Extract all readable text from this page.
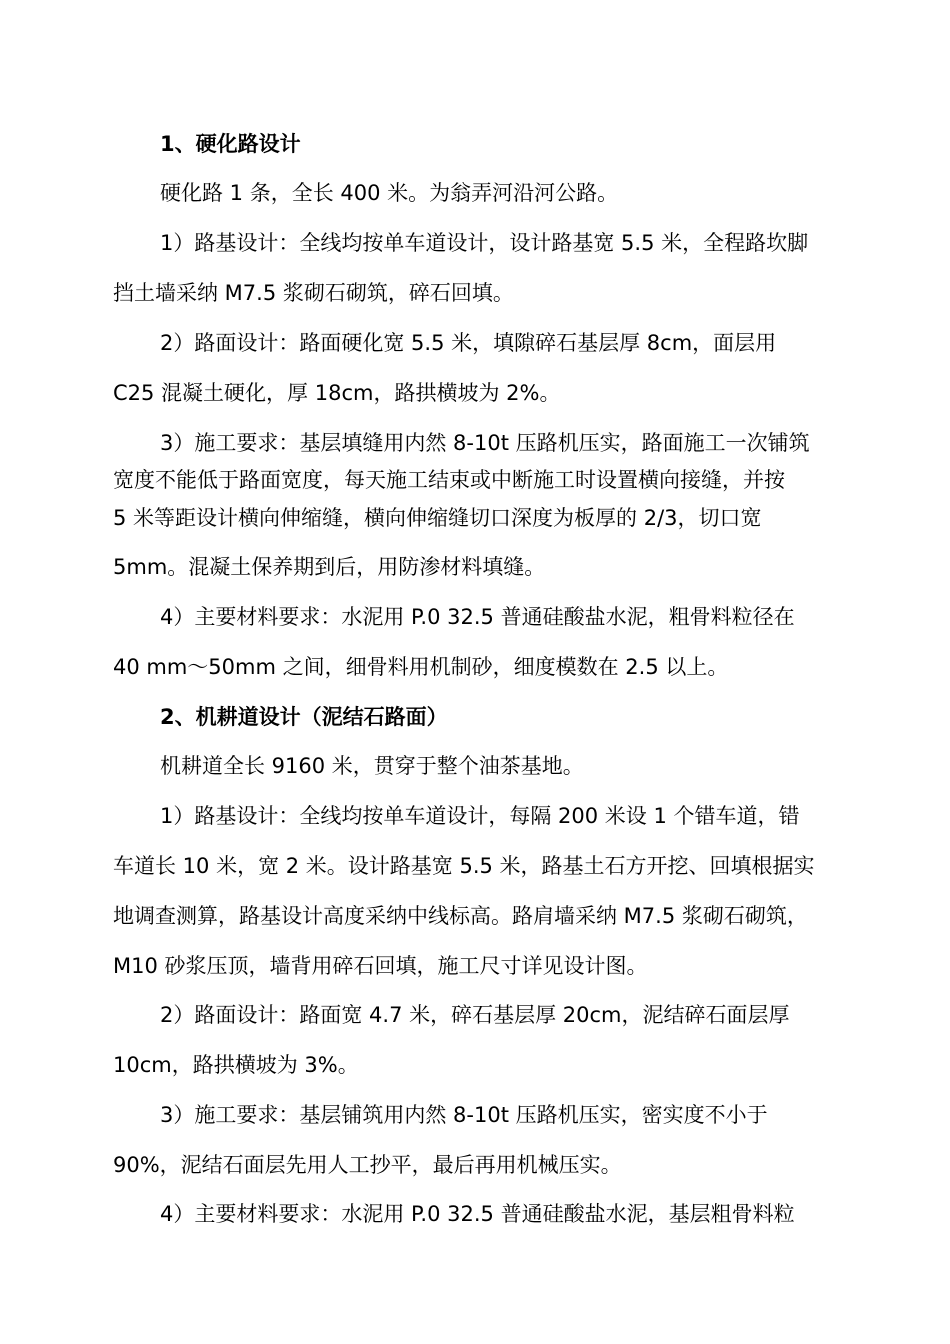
1、硬化路设计
硬化路 1 条，全长 400 米。为翁弄河沿河公路。
1）路基设计：全线均按单车道设计，设计路基宽 5.5 米，全程路坎脚
挡土墙采纳 M7.5 浆砌石砌筑，碎石回填。
2）路面设计：路面硬化宽 5.5 米，填隙碎石基层厚 8cm，面层用
C25 混凝土硬化，厚 18cm，路拱横坡为 2%。
3）施工要求：基层填缝用内然 8-10t 压路机压实，路面施工一次铺筑
宽度不能低于路面宽度，每天施工结束或中断施工时设置横向接缝，并按
5 米等距设计横向伸缩缝，横向伸缩缝切口深度为板厚的 2/3，切口宽
5mm。混凝土保养期到后，用防渗材料填缝。
4）主要材料要求：水泥用 P.0 32.5 普通硅酸盐水泥，粗骨料粒径在
40 mm～50mm 之间，细骨料用机制砂，细度模数在 2.5 以上。
2、机耕道设计（泥结石路面）
机耕道全长 9160 米，贯穿于整个油茶基地。
1）路基设计：全线均按单车道设计，每隔 200 米设 1 个错车道，错
车道长 10 米，宽 2 米。设计路基宽 5.5 米，路基土石方开挖、回填根据实
地调查测算，路基设计高度采纳中线标高。路肩墙采纳 M7.5 浆砌石砌筑，
M10 砂浆压顶，墙背用碎石回填，施工尺寸详见设计图。
2）路面设计：路面宽 4.7 米，碎石基层厚 20cm，泥结碎石面层厚
10cm，路拱横坡为 3%。
3）施工要求：基层铺筑用内然 8-10t 压路机压实，密实度不小于
90%，泥结石面层先用人工抄平，最后再用机械压实。
4）主要材料要求：水泥用 P.0 32.5 普通硅酸盐水泥，基层粗骨料粒
